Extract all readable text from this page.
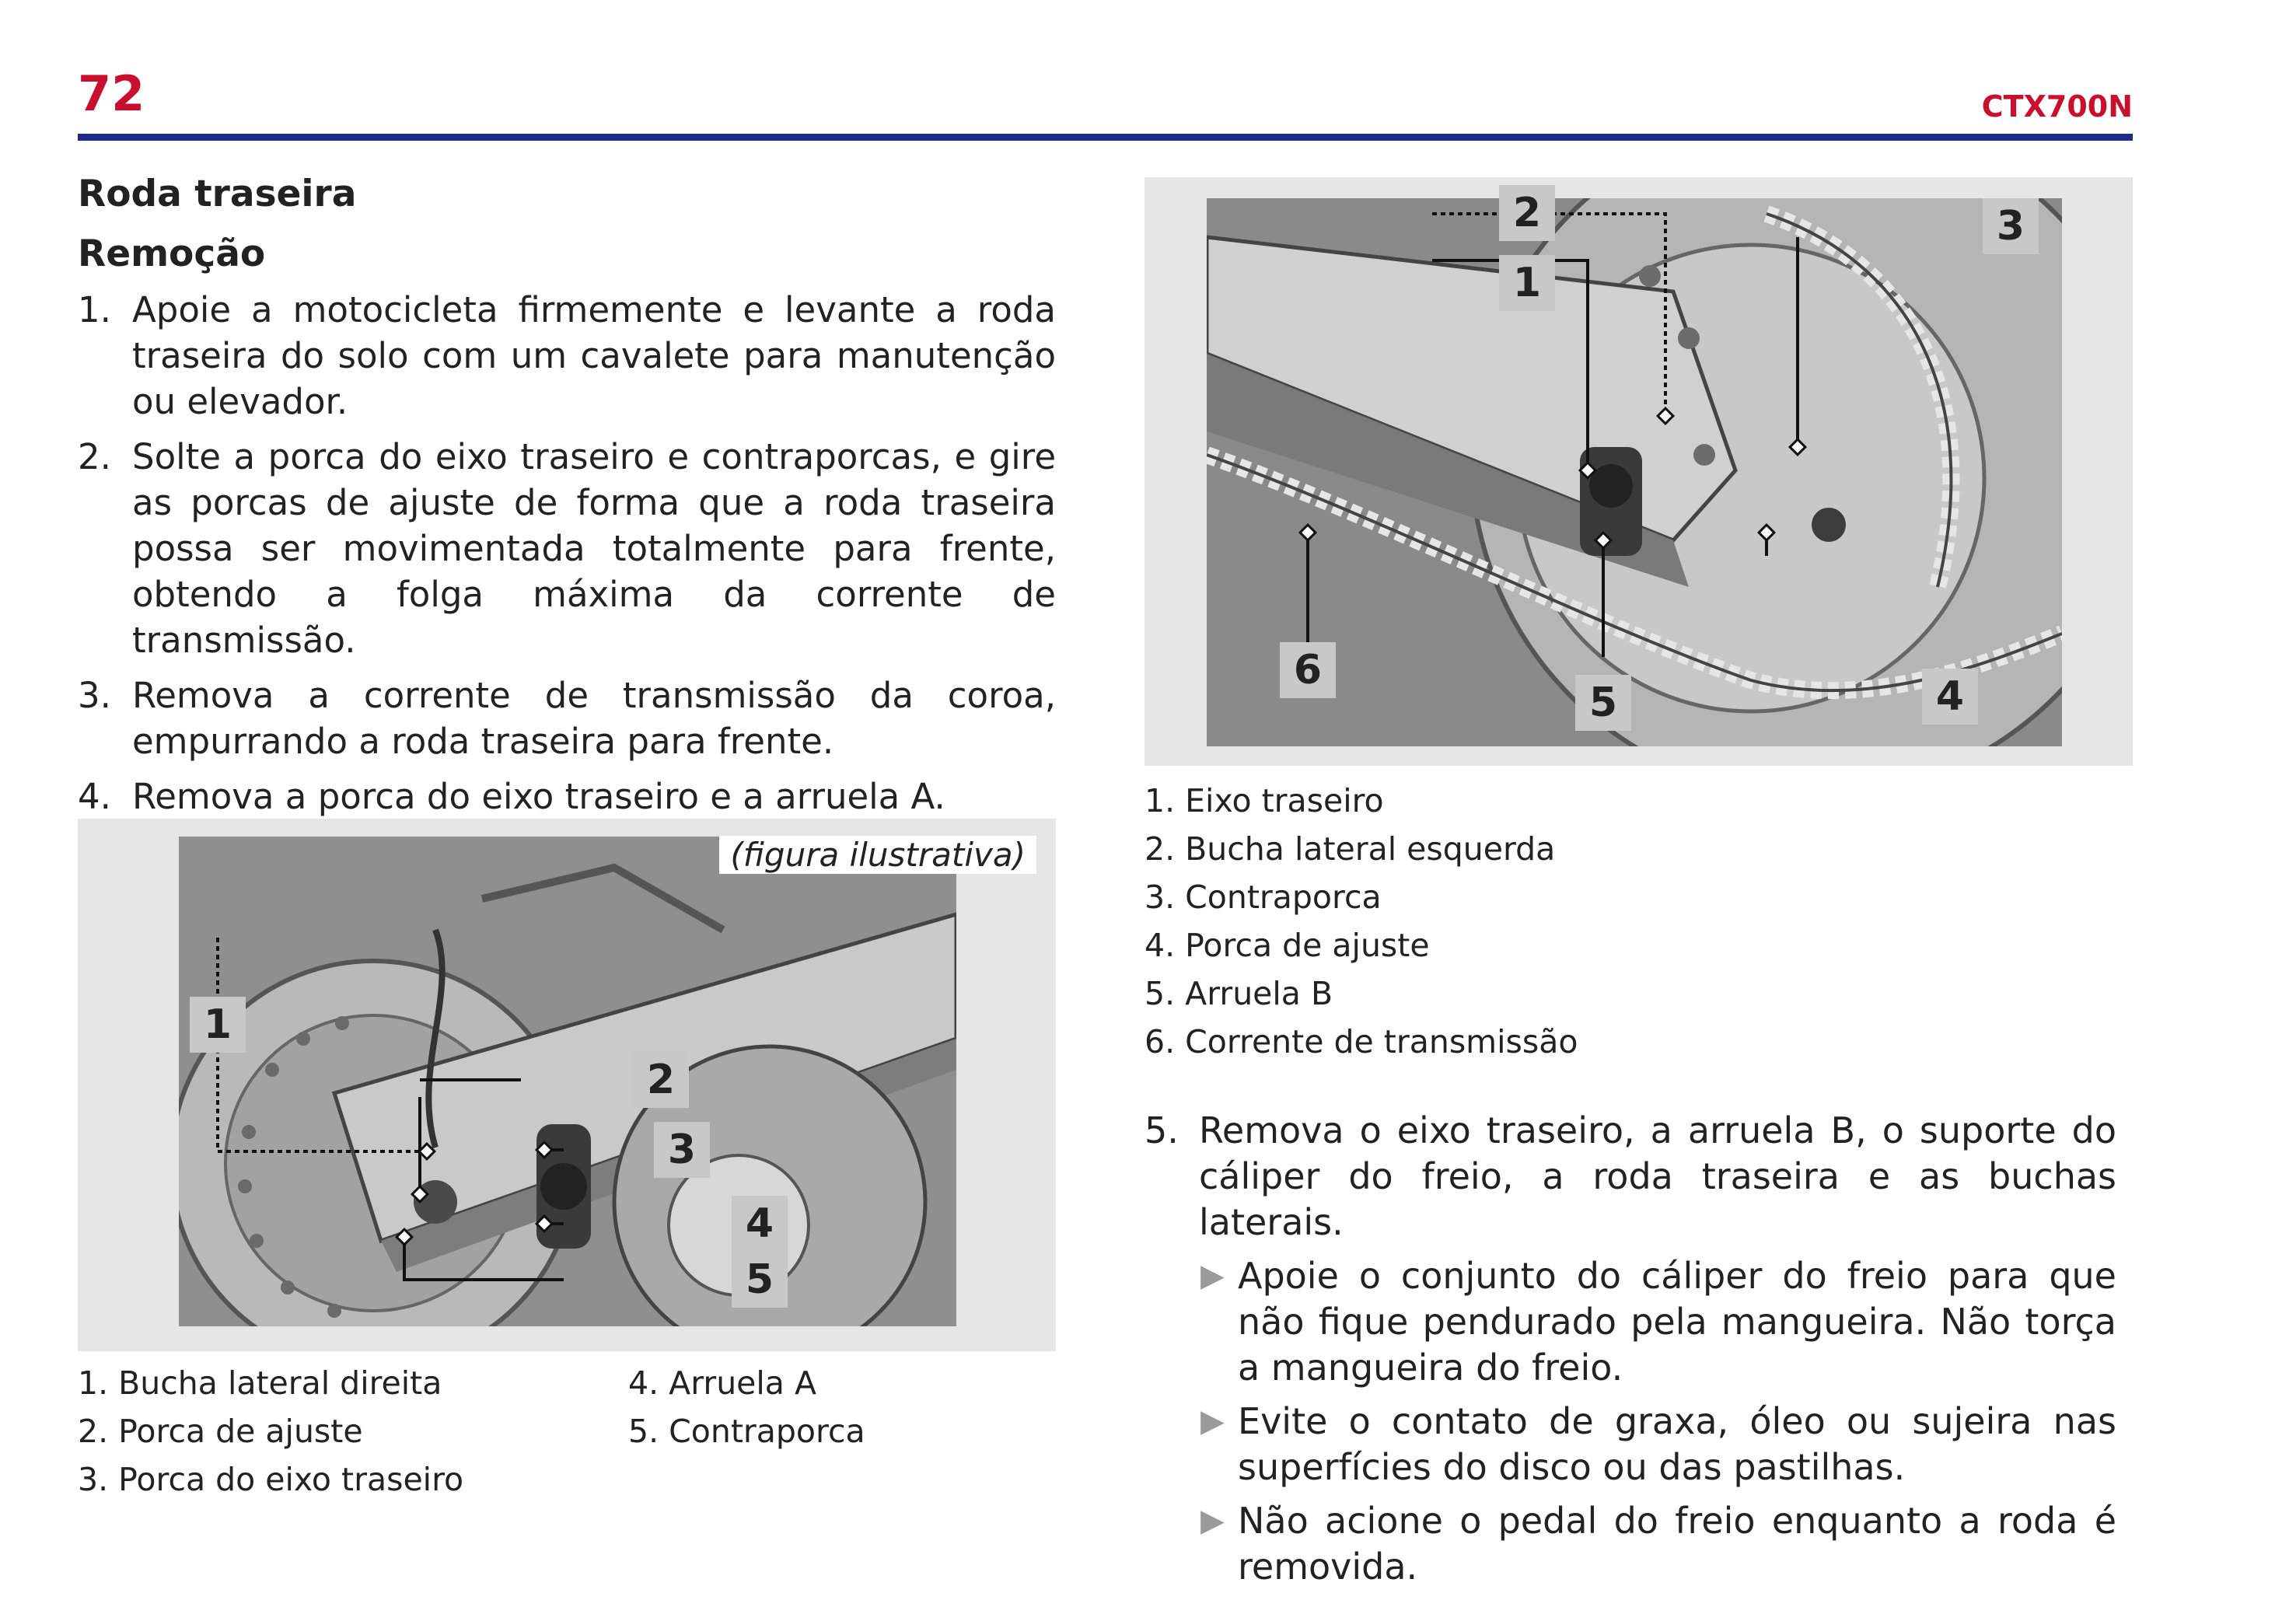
72	CTX700N
Roda traseira
Remoção
1. Apoie a motocicleta firmemente e levante a roda traseira do solo com um cavalete para manutenção ou elevador.
2. Solte a porca do eixo traseiro e contraporcas, e gire as porcas de ajuste de forma que a roda traseira possa ser movimentada totalmente para frente, obtendo a folga máxima da corrente de transmissão.
3. Remova a corrente de transmissão da coroa, empurrando a roda traseira para frente.
4. Remova a porca do eixo traseiro e a arruela A.
(figura ilustrativa)
1
2
3
4
5
1. Bucha lateral direita
2. Porca de ajuste
3. Porca do eixo traseiro
4. Arruela A
5. Contraporca
1
2	3
4
5
6
1. Eixo traseiro
2. Bucha lateral esquerda
3. Contraporca
4. Porca de ajuste
5. Arruela B
6. Corrente de transmissão
5. Remova o eixo traseiro, a arruela B, o suporte do cáliper do freio, a roda traseira e as buchas laterais.
▶ Apoie o conjunto do cáliper do freio para que não fique pendurado pela mangueira. Não torça a mangueira do freio.
▶ Evite o contato de graxa, óleo ou sujeira nas superfícies do disco ou das pastilhas.
▶ Não acione o pedal do freio enquanto a roda é removida.
